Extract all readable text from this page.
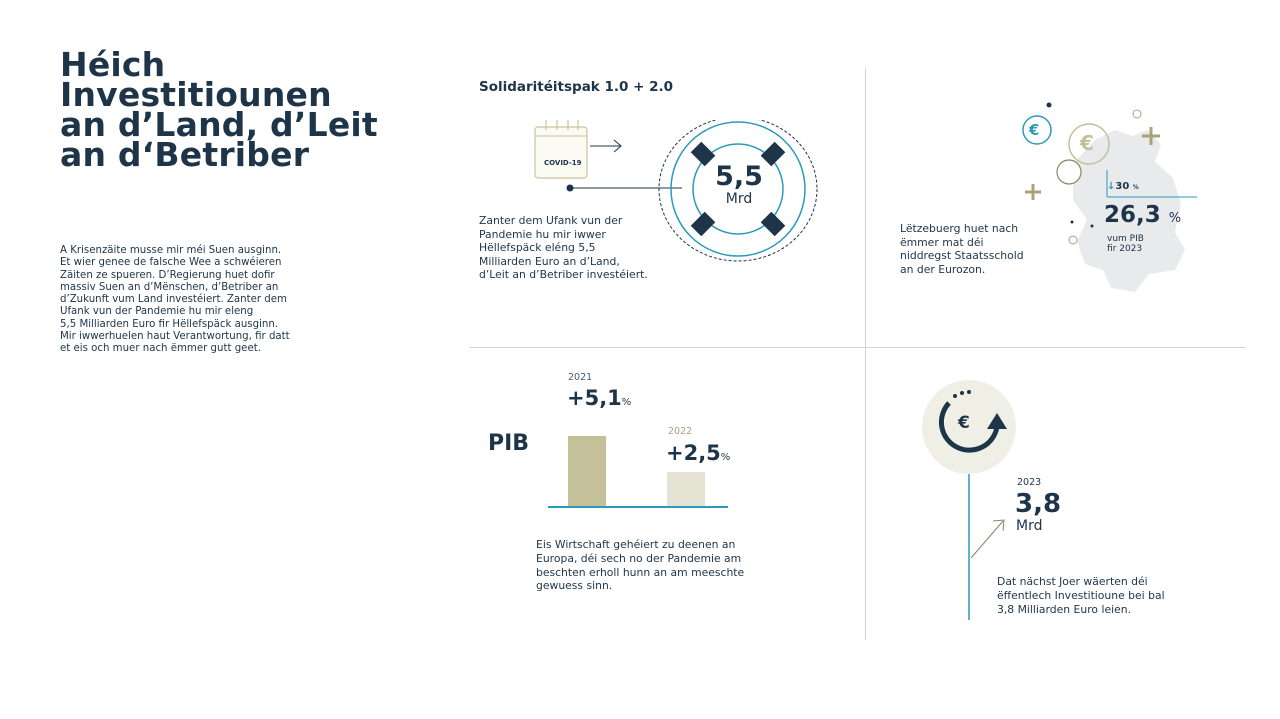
Héich
Investitiounen
an d’Land, d’Leit
an d‘Betriber
A Krisenzäite musse mir méi Suen ausginn.
Et wier genee de falsche Wee a schwéieren
Zäiten ze spueren. D’Regierung huet dofir
massiv Suen an d’Mënschen, d’Betriber an
d’Zukunft vum Land investéiert. Zanter dem
Ufank vun der Pandemie hu mir eleng
5,5 Milliarden Euro fir Hëllefspäck ausginn.
Mir iwwerhuelen haut Verantwortung, fir datt
et eis och muer nach ëmmer gutt geet.
Solidaritéitspak 1.0 + 2.0
COVID-19	5,5
Mrd
Zanter dem Ufank vun der
Pandemie hu mir iwwer
Hëllefspäck eléng 5,5
Milliarden Euro an d’Land,
d’Leit an d’Betriber investéiert.
€
€
↓30 %
26,3 %
vum PIB
fir 2023
Lëtzebuerg huet nach
ëmmer mat déi
niddregst Staatsschold
an der Eurozon.
PIB
2021
+5,1%
2022
+2,5%
Eis Wirtschaft gehéiert zu deenen an
Europa, déi sech no der Pandemie am
beschten erholl hunn an am meeschte
gewuess sinn.
€
2023
3,8
Mrd
Dat nächst Joer wäerten déi
ëffentlech Investitioune bei bal
3,8 Milliarden Euro leien.
